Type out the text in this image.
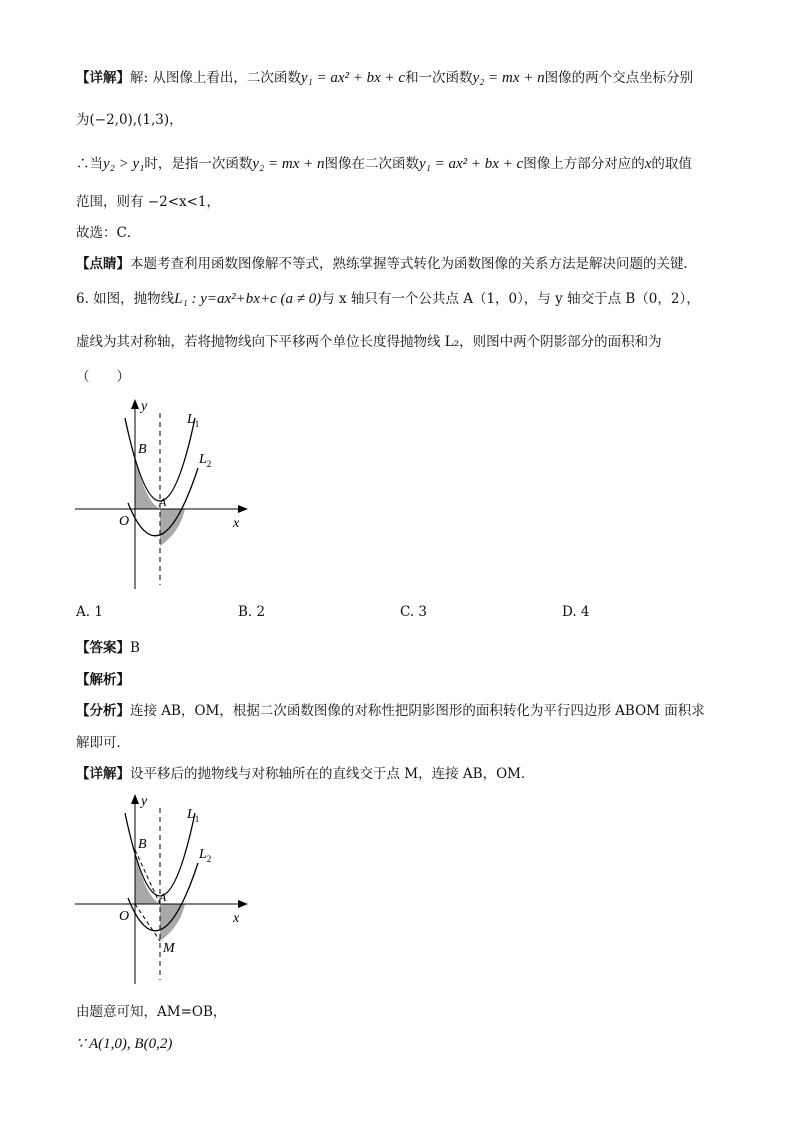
【详解】解: 从图像上看出，二次函数y₁ = ax² + bx + c和一次函数y₂ = mx + n图像的两个交点坐标分别
为(−2,0),(1,3)，
∴当y₂ > y₁时，是指一次函数y₂ = mx + n图像在二次函数y₁ = ax² + bx + c图像上方部分对应的x的取值
范围，则有 −2<x<1，
故选：C．
【点睛】本题考查利用函数图像解不等式，熟练掌握等式转化为函数图像的关系方法是解决问题的关键．
6. 如图，抛物线L₁ : y=ax²+bx+c (a ≠ 0)与 x 轴只有一个公共点 A（1，0），与 y 轴交于点 B（0，2），
虚线为其对称轴，若将抛物线向下平移两个单位长度得抛物线 L₂，则图中两个阴影部分的面积和为
（　　）
y
x
O
A
B
$L_1$
$L_2$
A. 1	B. 2	C. 3	D. 4
【答案】B
【解析】
【分析】连接 AB，OM，根据二次函数图像的对称性把阴影图形的面积转化为平行四边形 ABOM 面积求
解即可．
【详解】设平移后的抛物线与对称轴所在的直线交于点 M，连接 AB，OM．
y
x
O
A
B
M
$L_1$
$L_2$
由题意可知，AM=OB，
∵ A(1,0), B(0,2)
